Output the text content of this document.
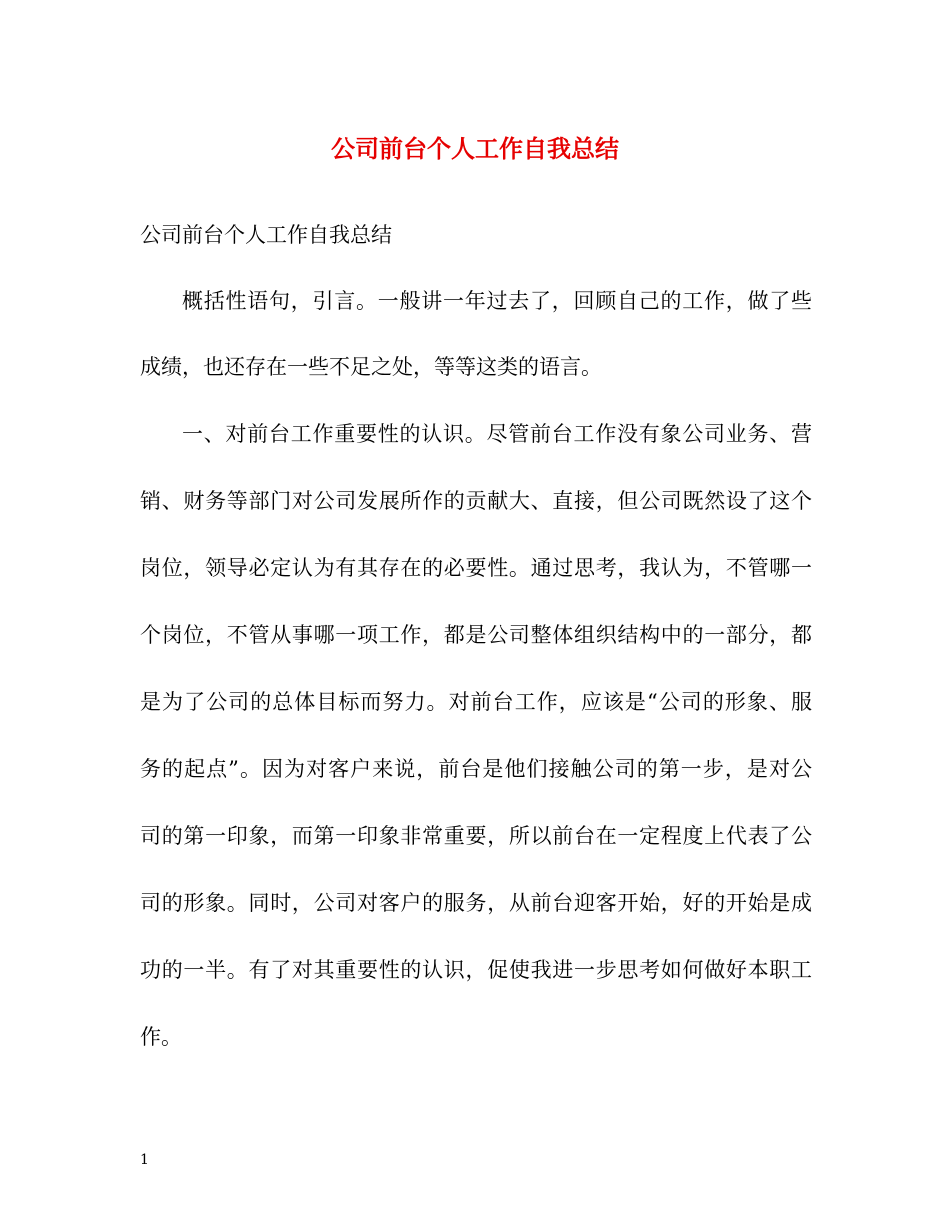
公司前台个人工作自我总结

公司前台个人工作自我总结

概括性语句，引言。一般讲一年过去了，回顾自己的工作，做了些

成绩，也还存在一些不足之处，等等这类的语言。

一、对前台工作重要性的认识。尽管前台工作没有象公司业务、营

销、财务等部门对公司发展所作的贡献大、直接，但公司既然设了这个

岗位，领导必定认为有其存在的必要性。通过思考，我认为，不管哪一

个岗位，不管从事哪一项工作，都是公司整体组织结构中的一部分，都

是为了公司的总体目标而努力。对前台工作，应该是“公司的形象、服

务的起点”。因为对客户来说，前台是他们接触公司的第一步，是对公

司的第一印象，而第一印象非常重要，所以前台在一定程度上代表了公

司的形象。同时，公司对客户的服务，从前台迎客开始，好的开始是成

功的一半。有了对其重要性的认识，促使我进一步思考如何做好本职工

作。

1
